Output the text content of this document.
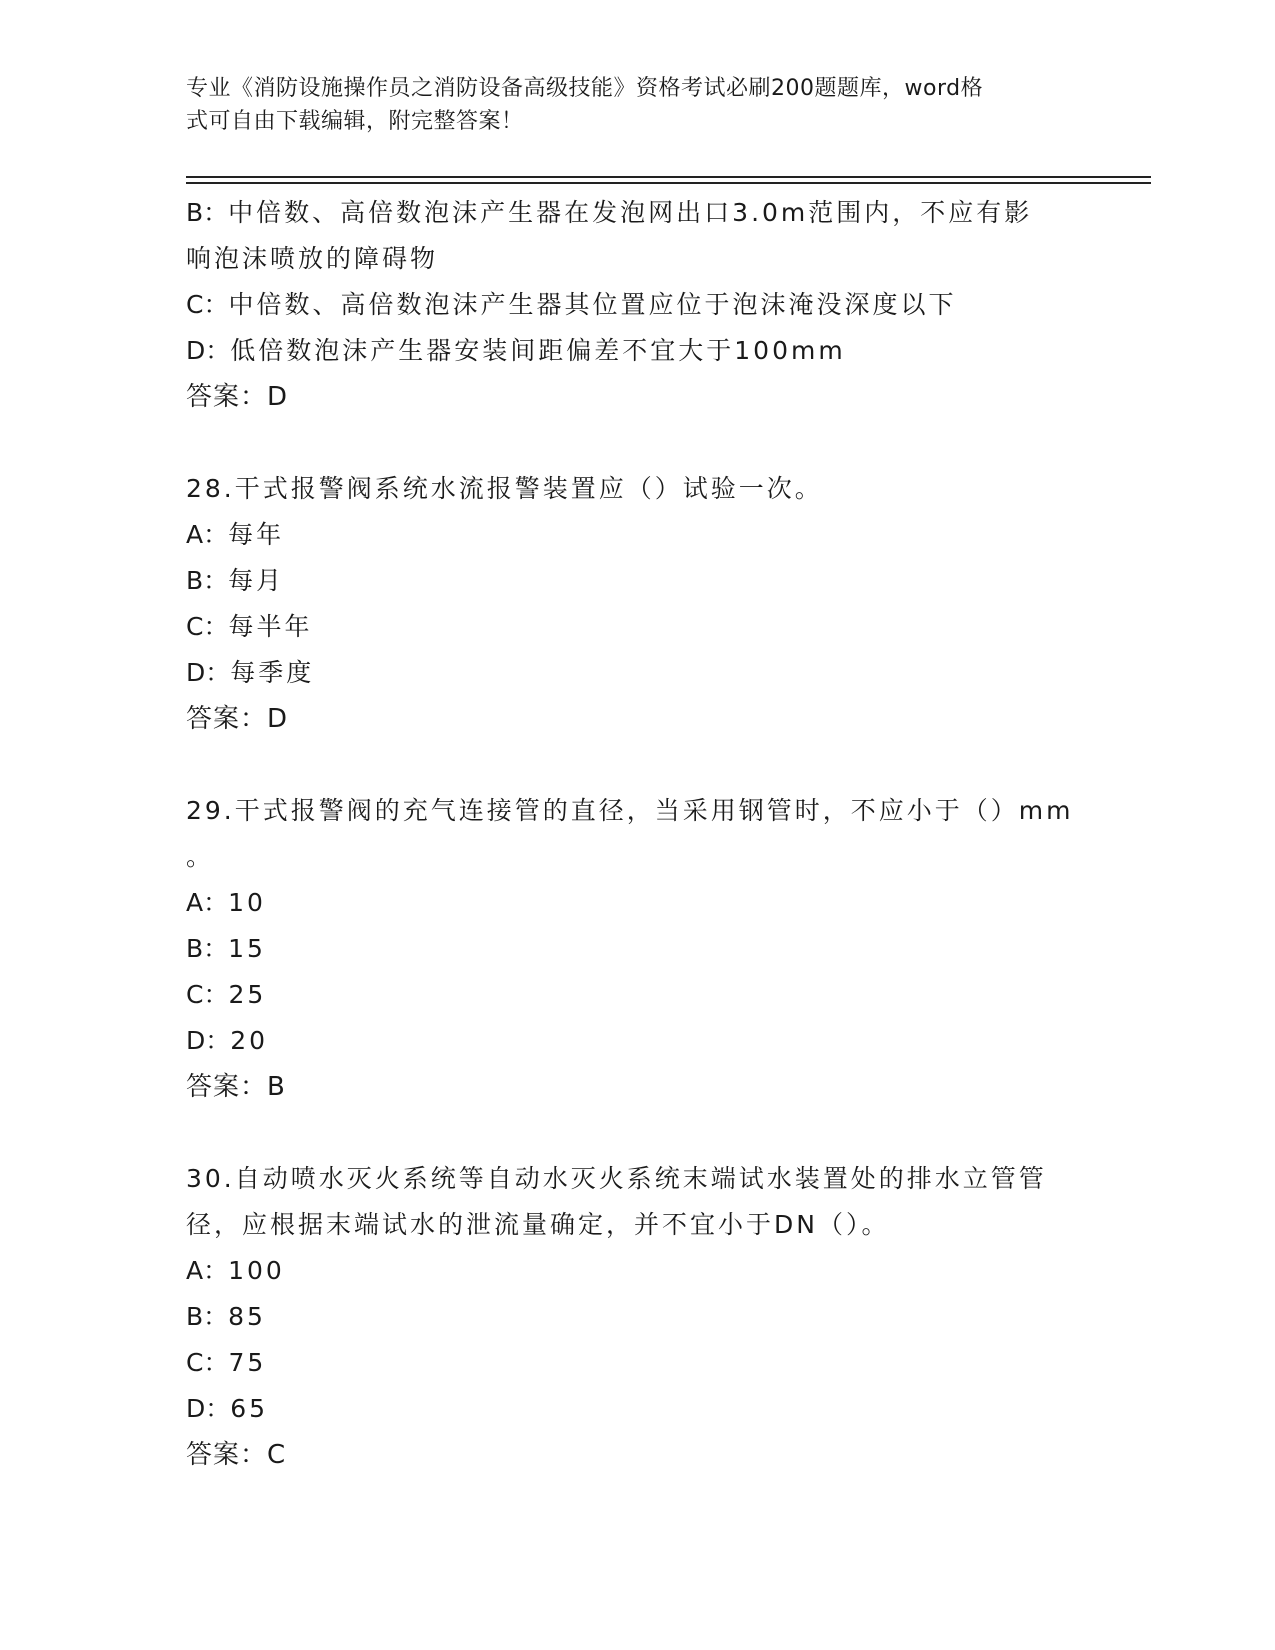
专业《消防设施操作员之消防设备高级技能》资格考试必刷200题题库，word格
式可自由下载编辑，附完整答案！
B：中倍数、高倍数泡沫产生器在发泡网出口3.0m范围内，不应有影
响泡沫喷放的障碍物
C：中倍数、高倍数泡沫产生器其位置应位于泡沫淹没深度以下
D：低倍数泡沫产生器安装间距偏差不宜大于100mm
答案：D
28.干式报警阀系统水流报警装置应（）试验一次。
A：每年
B：每月
C：每半年
D：每季度
答案：D
29.干式报警阀的充气连接管的直径，当采用钢管时，不应小于（）mm
。
A：10
B：15
C：25
D：20
答案：B
30.自动喷水灭火系统等自动水灭火系统末端试水装置处的排水立管管
径，应根据末端试水的泄流量确定，并不宜小于DN（）。
A：100
B：85
C：75
D：65
答案：C
